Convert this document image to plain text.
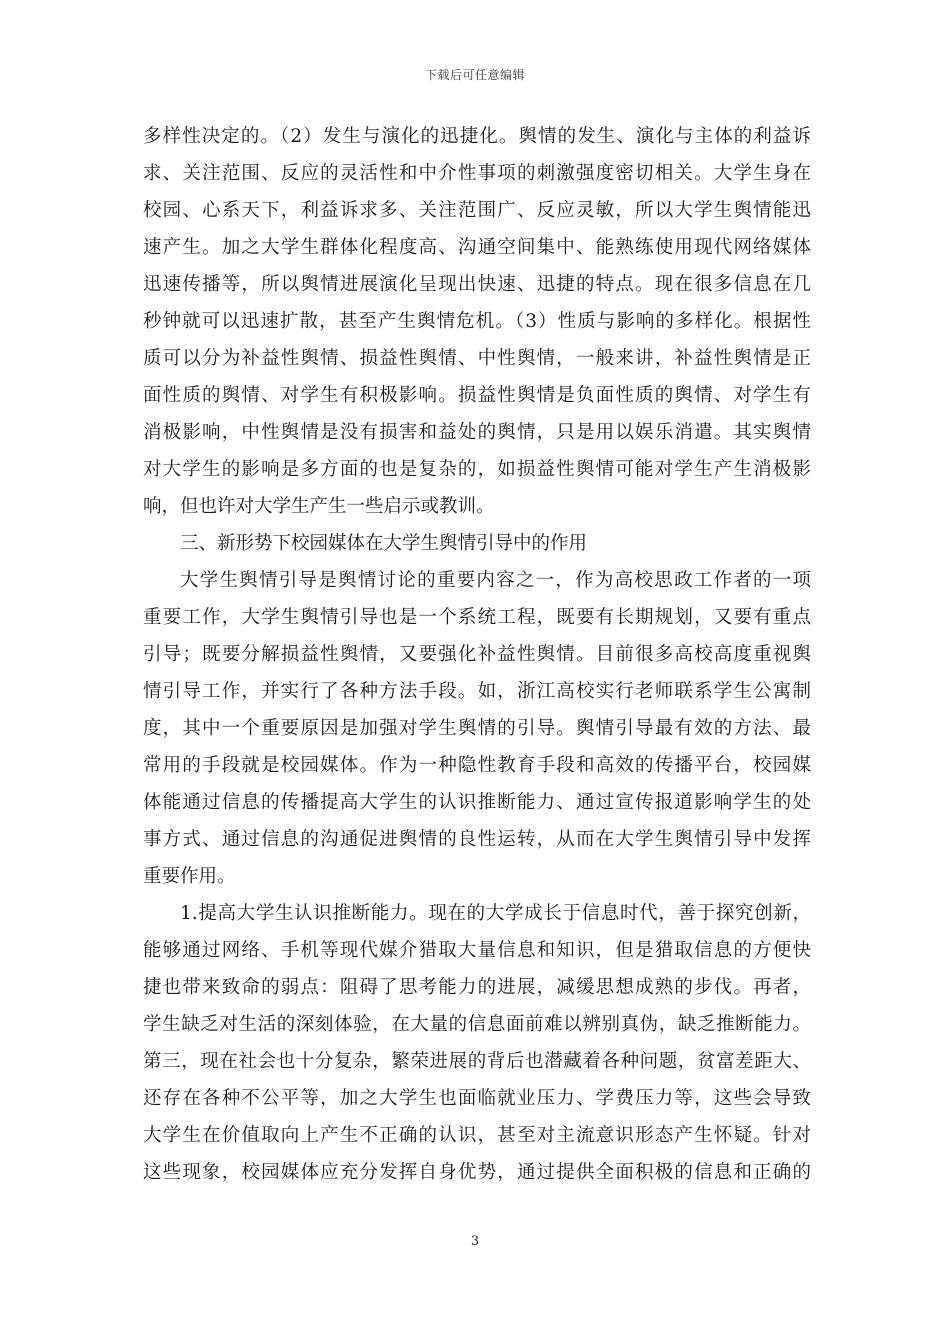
下载后可任意编辑
多样性决定的。（2）发生与演化的迅捷化。舆情的发生、演化与主体的利益诉
求、关注范围、反应的灵活性和中介性事项的刺激强度密切相关。大学生身在
校园、心系天下，利益诉求多、关注范围广、反应灵敏，所以大学生舆情能迅
速产生。加之大学生群体化程度高、沟通空间集中、能熟练使用现代网络媒体
迅速传播等，所以舆情进展演化呈现出快速、迅捷的特点。现在很多信息在几
秒钟就可以迅速扩散，甚至产生舆情危机。（3）性质与影响的多样化。根据性
质可以分为补益性舆情、损益性舆情、中性舆情，一般来讲，补益性舆情是正
面性质的舆情、对学生有积极影响。损益性舆情是负面性质的舆情、对学生有
消极影响，中性舆情是没有损害和益处的舆情，只是用以娱乐消遣。其实舆情
对大学生的影响是多方面的也是复杂的，如损益性舆情可能对学生产生消极影
响，但也许对大学生产生一些启示或教训。
三、新形势下校园媒体在大学生舆情引导中的作用
大学生舆情引导是舆情讨论的重要内容之一，作为高校思政工作者的一项
重要工作，大学生舆情引导也是一个系统工程，既要有长期规划，又要有重点
引导；既要分解损益性舆情，又要强化补益性舆情。目前很多高校高度重视舆
情引导工作，并实行了各种方法手段。如，浙江高校实行老师联系学生公寓制
度，其中一个重要原因是加强对学生舆情的引导。舆情引导最有效的方法、最
常用的手段就是校园媒体。作为一种隐性教育手段和高效的传播平台，校园媒
体能通过信息的传播提高大学生的认识推断能力、通过宣传报道影响学生的处
事方式、通过信息的沟通促进舆情的良性运转，从而在大学生舆情引导中发挥
重要作用。
1.提高大学生认识推断能力。现在的大学成长于信息时代，善于探究创新，
能够通过网络、手机等现代媒介猎取大量信息和知识，但是猎取信息的方便快
捷也带来致命的弱点：阻碍了思考能力的进展，减缓思想成熟的步伐。再者，
学生缺乏对生活的深刻体验，在大量的信息面前难以辨别真伪，缺乏推断能力。
第三，现在社会也十分复杂，繁荣进展的背后也潜藏着各种问题，贫富差距大、
还存在各种不公平等，加之大学生也面临就业压力、学费压力等，这些会导致
大学生在价值取向上产生不正确的认识，甚至对主流意识形态产生怀疑。针对
这些现象，校园媒体应充分发挥自身优势，通过提供全面积极的信息和正确的
3
